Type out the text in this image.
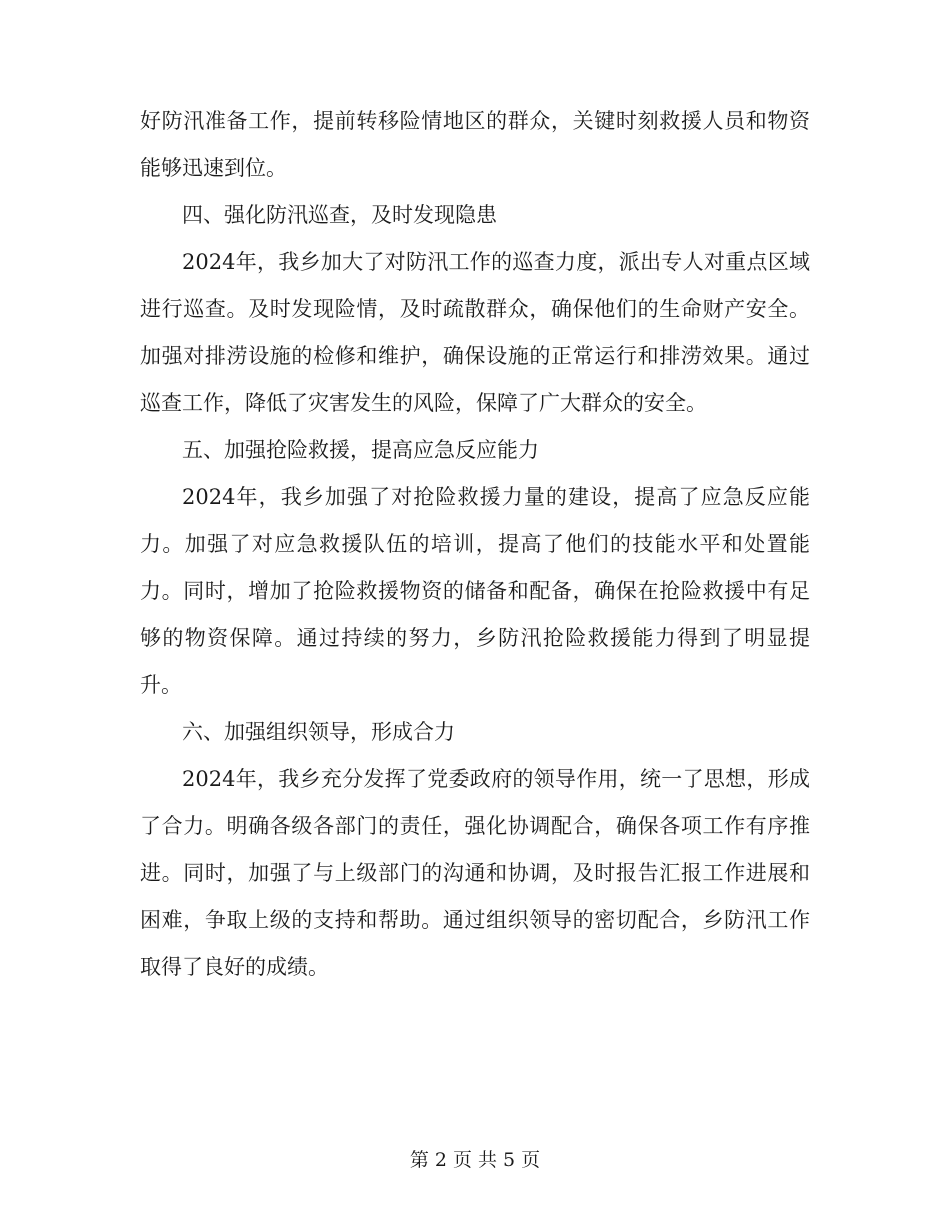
好防汛准备工作，提前转移险情地区的群众，关键时刻救援人员和物资能够迅速到位。

四、强化防汛巡查，及时发现隐患

2024年，我乡加大了对防汛工作的巡查力度，派出专人对重点区域进行巡查。及时发现险情，及时疏散群众，确保他们的生命财产安全。加强对排涝设施的检修和维护，确保设施的正常运行和排涝效果。通过巡查工作，降低了灾害发生的风险，保障了广大群众的安全。

五、加强抢险救援，提高应急反应能力

2024年，我乡加强了对抢险救援力量的建设，提高了应急反应能力。加强了对应急救援队伍的培训，提高了他们的技能水平和处置能力。同时，增加了抢险救援物资的储备和配备，确保在抢险救援中有足够的物资保障。通过持续的努力，乡防汛抢险救援能力得到了明显提升。

六、加强组织领导，形成合力

2024年，我乡充分发挥了党委政府的领导作用，统一了思想，形成了合力。明确各级各部门的责任，强化协调配合，确保各项工作有序推进。同时，加强了与上级部门的沟通和协调，及时报告汇报工作进展和困难，争取上级的支持和帮助。通过组织领导的密切配合，乡防汛工作取得了良好的成绩。

第 2 页 共 5 页
